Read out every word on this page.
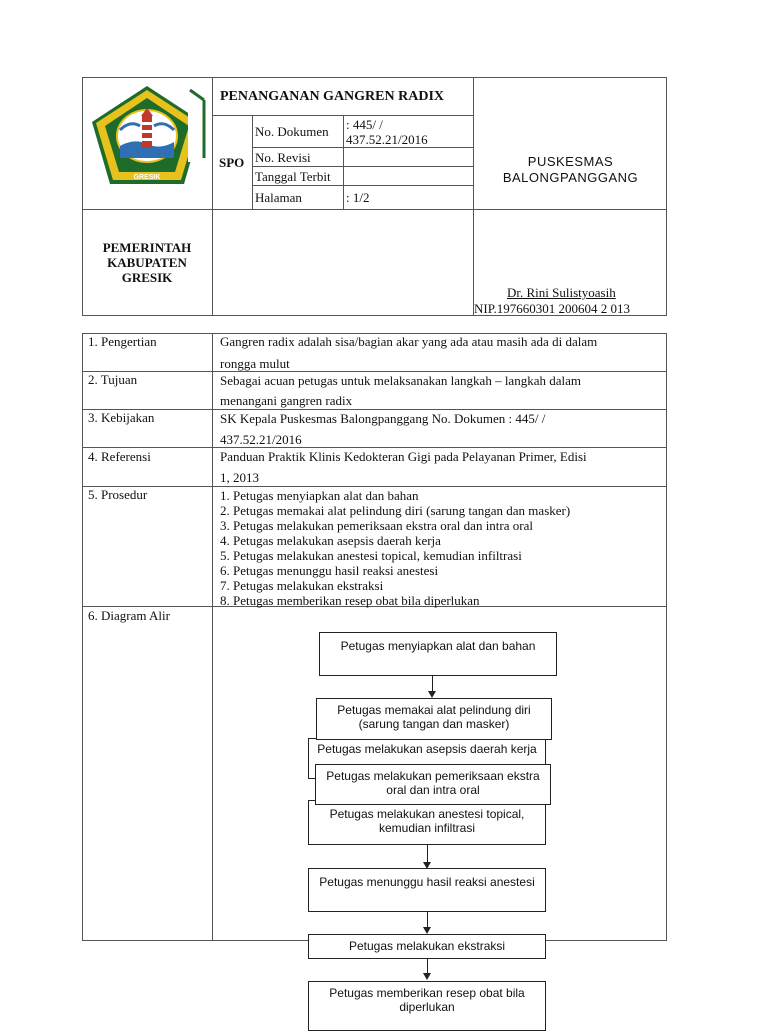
GRESIK
PENANGANAN GANGREN RADIX
SPO
No. Dokumen : 445/ /
437.52.21/2016
No. Revisi
Tanggal Terbit
Halaman	: 1/2
PUSKESMAS
BALONGPANGGANG
PEMERINTAH
KABUPATEN
GRESIK
Dr. Rini Sulistyoasih
NIP.197660301 200604 2 013
1. Pengertian
2. Tujuan
3. Kebijakan
4. Referensi
5. Prosedur
6. Diagram Alir
Gangren radix adalah sisa/bagian akar yang ada atau masih ada di dalam
rongga mulut
Sebagai acuan petugas untuk melaksanakan langkah – langkah dalam
menangani gangren radix
SK Kepala Puskesmas Balongpanggang No. Dokumen : 445/ /
437.52.21/2016
Panduan Praktik Klinis Kedokteran Gigi pada Pelayanan Primer, Edisi
1, 2013
1. Petugas menyiapkan alat dan bahan
2. Petugas memakai alat pelindung diri (sarung tangan dan masker)
3. Petugas melakukan pemeriksaan ekstra oral dan intra oral
4. Petugas melakukan asepsis daerah kerja
5. Petugas melakukan anestesi topical, kemudian infiltrasi
6. Petugas menunggu hasil reaksi anestesi
7. Petugas melakukan ekstraksi
8. Petugas memberikan resep obat bila diperlukan
Petugas menyiapkan alat dan bahan
Petugas melakukan asepsis daerah kerja
Petugas memakai alat pelindung diri (sarung tangan dan masker)
Petugas melakukan anestesi topical, kemudian infiltrasi
Petugas melakukan pemeriksaan ekstra oral dan intra oral
Petugas menunggu hasil reaksi anestesi
Petugas melakukan ekstraksi
Petugas memberikan resep obat bila diperlukan
